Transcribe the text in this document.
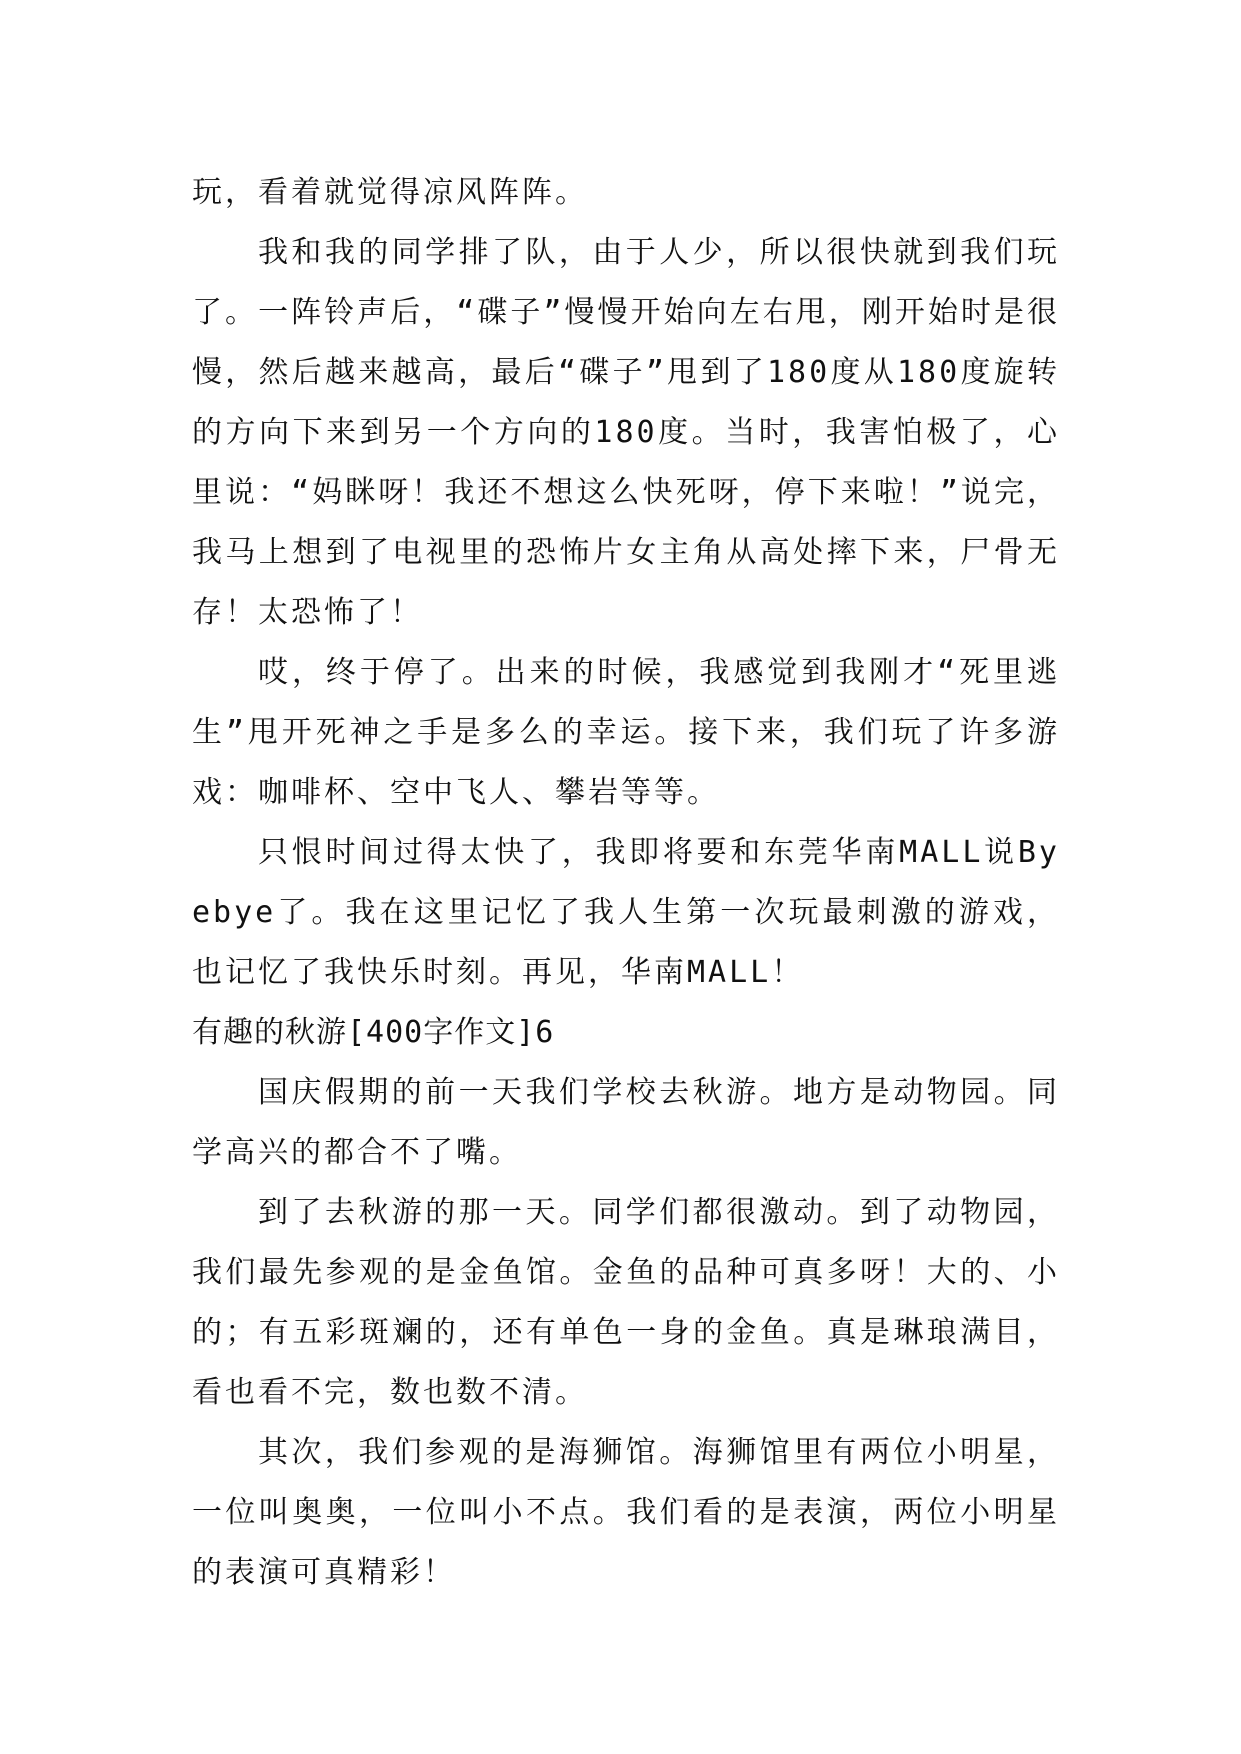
玩，看着就觉得凉风阵阵。

我和我的同学排了队，由于人少，所以很快就到我们玩了。一阵铃声后，“碟子”慢慢开始向左右甩，刚开始时是很慢，然后越来越高，最后“碟子”甩到了180度从180度旋转的方向下来到另一个方向的180度。当时，我害怕极了，心里说：“妈眯呀！我还不想这么快死呀，停下来啦！”说完，我马上想到了电视里的恐怖片女主角从高处摔下来，尸骨无存！太恐怖了！

哎，终于停了。出来的时候，我感觉到我刚才“死里逃生”甩开死神之手是多么的幸运。接下来，我们玩了许多游戏：咖啡杯、空中飞人、攀岩等等。

只恨时间过得太快了，我即将要和东莞华南MALL说Byebye了。我在这里记忆了我人生第一次玩最刺激的游戏，也记忆了我快乐时刻。再见，华南MALL！

有趣的秋游[400字作文]6

国庆假期的前一天我们学校去秋游。地方是动物园。同学高兴的都合不了嘴。

到了去秋游的那一天。同学们都很激动。到了动物园，我们最先参观的是金鱼馆。金鱼的品种可真多呀！大的、小的；有五彩斑斓的，还有单色一身的金鱼。真是琳琅满目，看也看不完，数也数不清。

其次，我们参观的是海狮馆。海狮馆里有两位小明星，一位叫奥奥，一位叫小不点。我们看的是表演，两位小明星的表演可真精彩！
